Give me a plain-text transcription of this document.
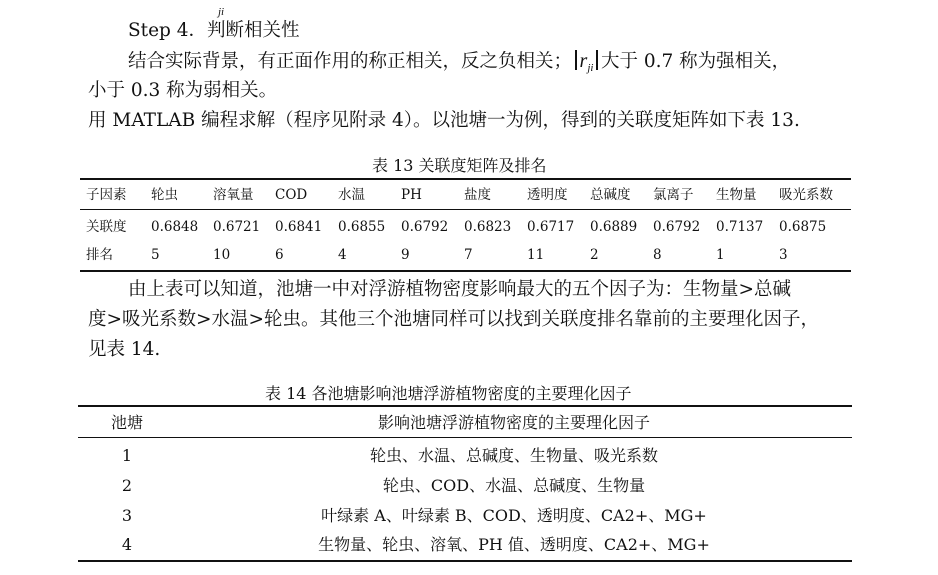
$_{ji}$
Step 4．判断相关性
结合实际背景，有正面作用的称正相关，反之负相关； $r_{ji}$ 大于 0.7 称为强相关，
小于 0.3 称为弱相关。
用 MATLAB 编程求解（程序见附录 4）。以池塘一为例，得到的关联度矩阵如下表 13.
表 13 关联度矩阵及排名
子因素 轮虫	溶氧量 COD 水温	PH	盐度	透明度 总碱度 氯离子 生物量 吸光系数
关联度 0.6848 0.6721 0.6841 0.6855 0.6792 0.6823 0.6717 0.6889 0.6792 0.7137 0.6875
排名	5	10	6	4	9	7	11	2	8	1	3
由上表可以知道，池塘一中对浮游植物密度影响最大的五个因子为：生物量>总碱
度>吸光系数>水温>轮虫。其他三个池塘同样可以找到关联度排名靠前的主要理化因子，
见表 14.
表 14 各池塘影响池塘浮游植物密度的主要理化因子
池塘	影响池塘浮游植物密度的主要理化因子
1	轮虫、水温、总碱度、生物量、吸光系数
2	轮虫、COD、水温、总碱度、生物量
3	叶绿素 A、叶绿素 B、COD、透明度、CA2+、MG+
4	生物量、轮虫、溶氧、PH 值、透明度、CA2+、MG+
